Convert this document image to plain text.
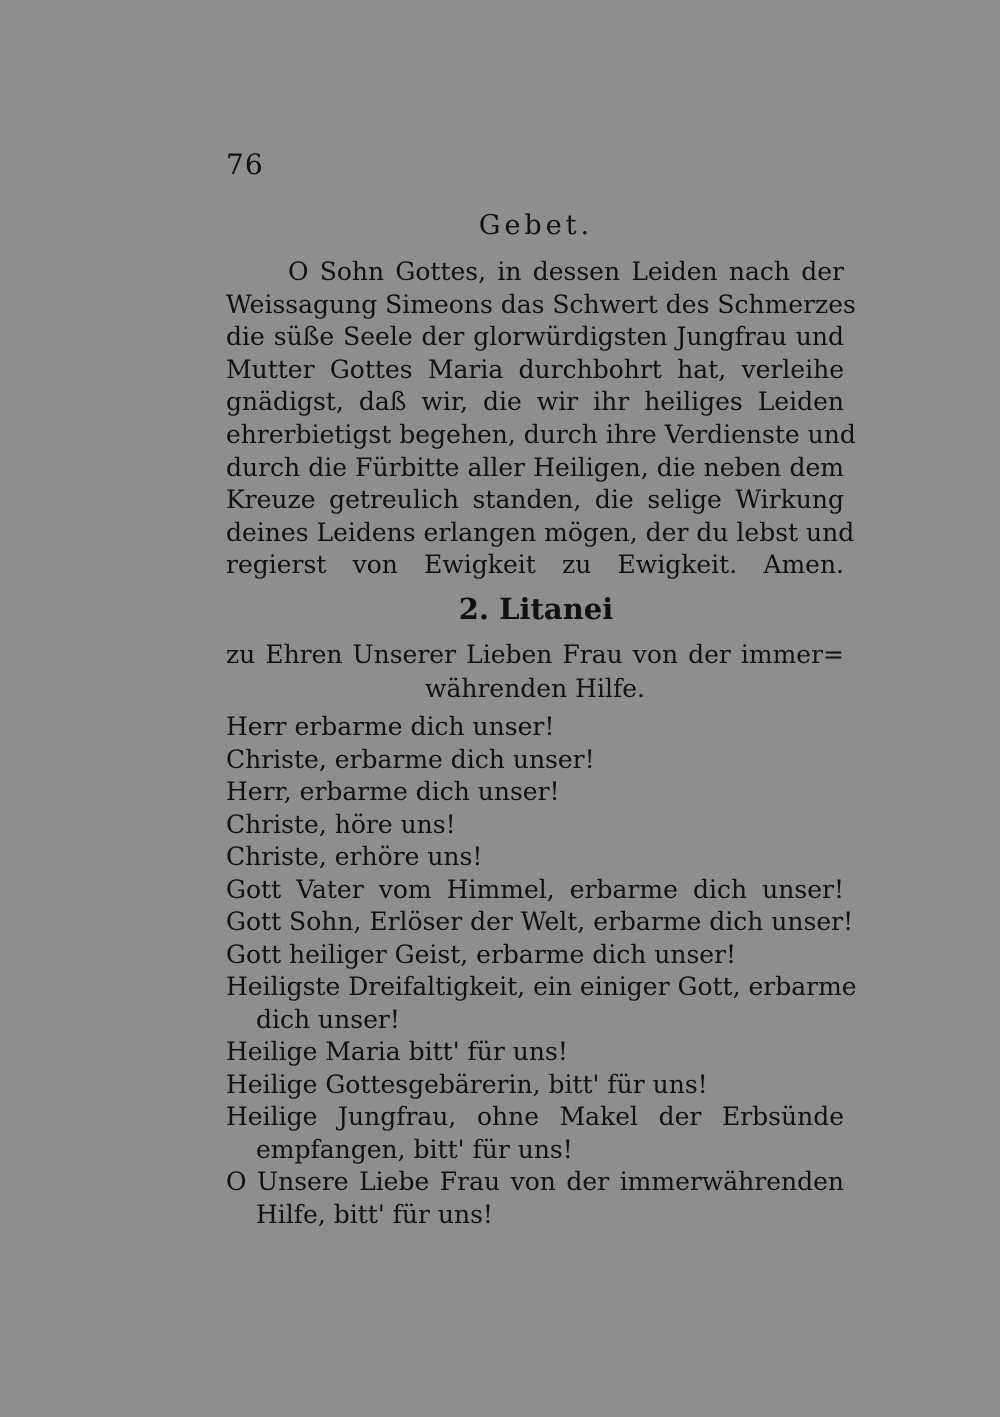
76
Gebet.
O Sohn Gottes, in dessen Leiden nach der
Weissagung Simeons das Schwert des Schmerzes
die süße Seele der glorwürdigsten Jungfrau und
Mutter Gottes Maria durchbohrt hat, verleihe
gnädigst, daß wir, die wir ihr heiliges Leiden
ehrerbietigst begehen, durch ihre Verdienste und
durch die Fürbitte aller Heiligen, die neben dem
Kreuze getreulich standen, die selige Wirkung
deines Leidens erlangen mögen, der du lebst und
regierst von Ewigkeit zu Ewigkeit. Amen.
2. Litanei
zu Ehren Unserer Lieben Frau von der immer=
währenden Hilfe.
Herr erbarme dich unser!
Christe, erbarme dich unser!
Herr, erbarme dich unser!
Christe, höre uns!
Christe, erhöre uns!
Gott Vater vom Himmel, erbarme dich unser!
Gott Sohn, Erlöser der Welt, erbarme dich unser!
Gott heiliger Geist, erbarme dich unser!
Heiligste Dreifaltigkeit, ein einiger Gott, erbarme
dich unser!
Heilige Maria bitt' für uns!
Heilige Gottesgebärerin, bitt' für uns!
Heilige Jungfrau, ohne Makel der Erbsünde
empfangen, bitt' für uns!
O Unsere Liebe Frau von der immerwährenden
Hilfe, bitt' für uns!
